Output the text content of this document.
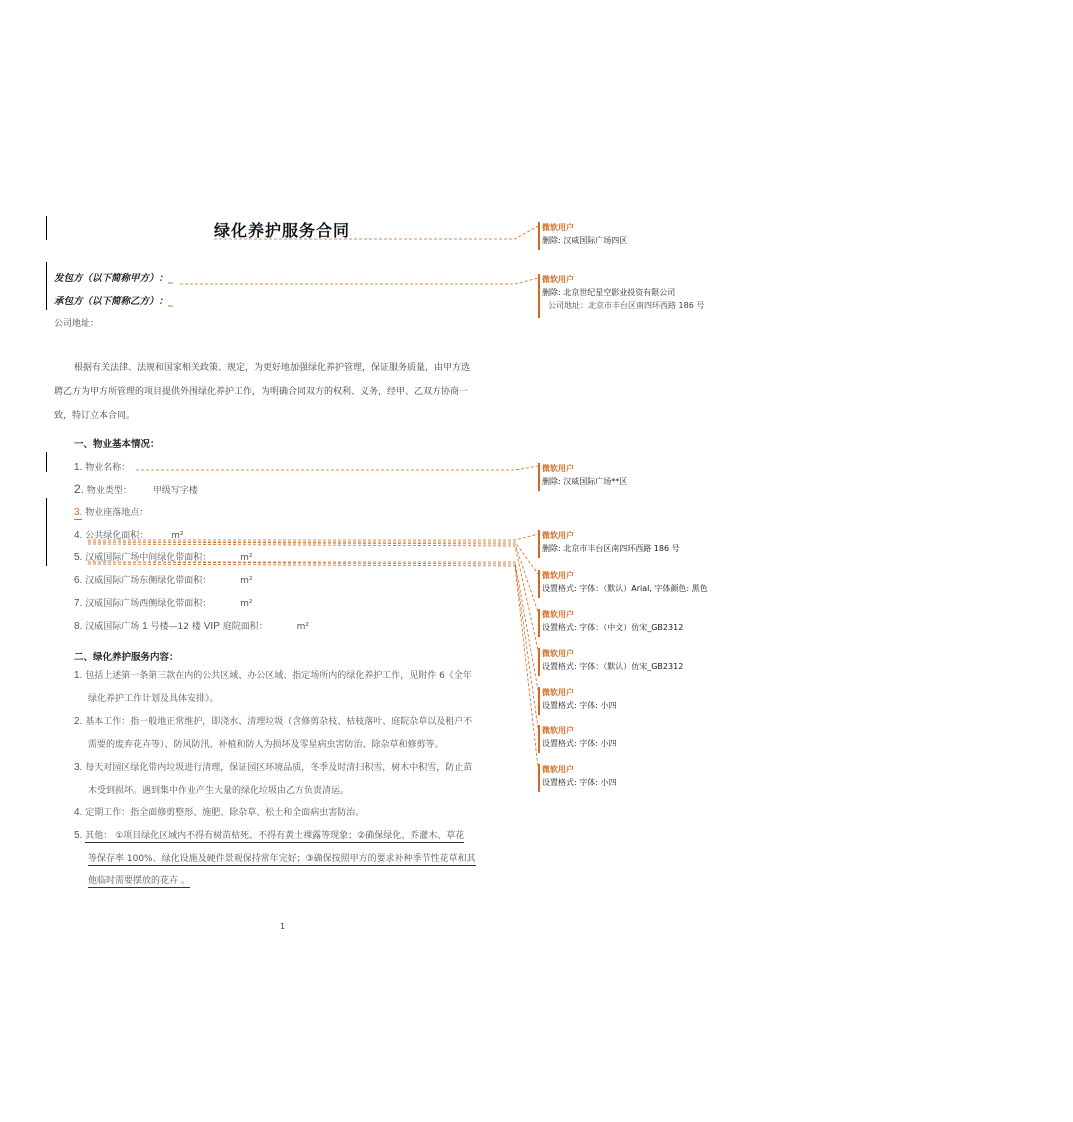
绿化养护服务合同
发包方（以下简称甲方）：_
承包方（以下简称乙方）：_
公司地址：
根据有关法律、法规和国家相关政策、规定，为更好地加强绿化养护管理，保证服务质量，由甲方选
聘乙方为甲方所管理的项目提供外围绿化养护工作，为明确合同双方的权利、义务，经甲、乙双方协商一
致，特订立本合同。
一、物业基本情况：
1. 物业名称：
2. 物业类型： 甲级写字楼
3. 物业座落地点：
4. 公共绿化面积：	m²
5. 汉威国际广场中间绿化带面积：	m²
6. 汉威国际广场东侧绿化带面积：	m²
7. 汉威国际广场西侧绿化带面积：	m²
8. 汉威国际广场 1 号楼—12 楼 VIP 庭院面积：	m²
二、绿化养护服务内容：
1. 包括上述第一条第三款在内的公共区域、办公区域、指定场所内的绿化养护工作，见附件 6《全年
绿化养护工作计划及具体安排》。
2. 基本工作：指一般地正常维护，即浇水、清理垃圾（含修剪杂枝、枯枝落叶、庭院杂草以及租户不
需要的废弃花卉等）、防风防汛、补植和防人为损坏及零星病虫害防治、除杂草和修剪等。
3. 每天对园区绿化带内垃圾进行清理，保证园区环境品质，冬季及时清扫积雪，树木中积雪，防止苗
木受到损坏。遇到集中作业产生大量的绿化垃圾由乙方负责清运。
4. 定期工作：指全面修剪整形、施肥、除杂草、松土和全面病虫害防治。
5. 其他： ①项目绿化区域内不得有树苗枯死、不得有黄土裸露等现象；②确保绿化、乔灌木、草花
等保存率 100%、绿化设施及硬件景观保持常年完好；③确保按照甲方的要求补种季节性花草和其
他临时需要摆放的花卉 。
1
微软用户
删除: 汉威国际广场四区
微软用户
删除: 北京世纪星空影业投资有限公司
公司地址：北京市丰台区南四环西路 186 号
微软用户
删除: 汉威国际广场**区
微软用户
删除: 北京市丰台区南四环西路 186 号
微软用户
设置格式: 字体：（默认）Arial, 字体颜色: 黑色
微软用户
设置格式: 字体：（中文）仿宋_GB2312
微软用户
设置格式: 字体：（默认）仿宋_GB2312
微软用户
设置格式: 字体: 小四
微软用户
设置格式: 字体: 小四
微软用户
设置格式: 字体: 小四
